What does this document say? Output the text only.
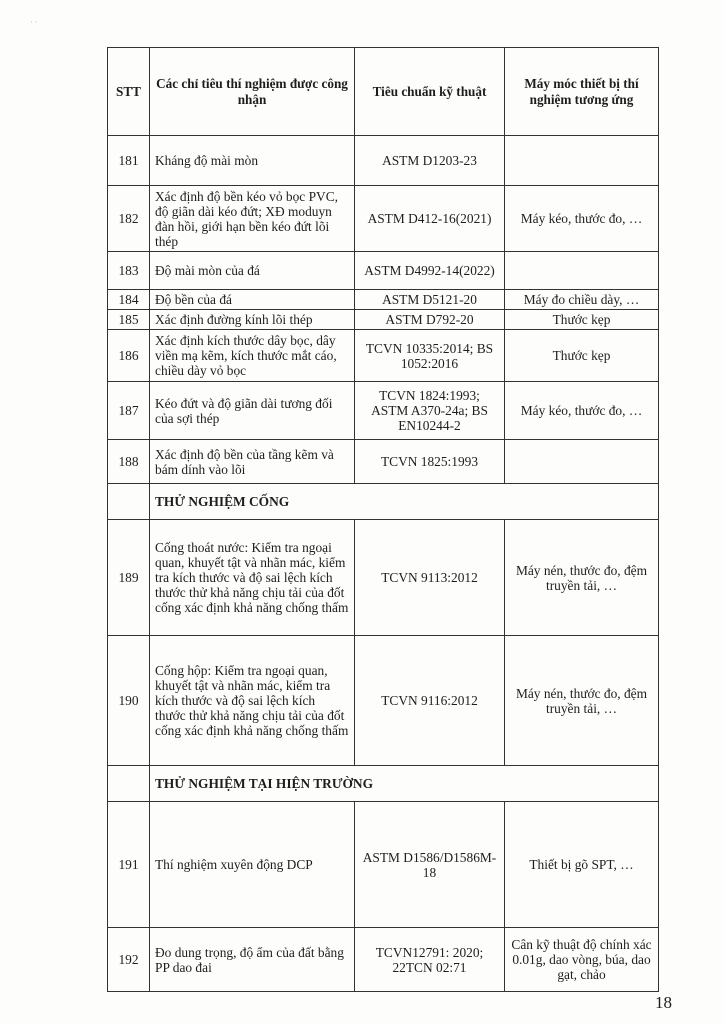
· ·
STT	Các chỉ tiêu thí nghiệm được công nhận	Tiêu chuẩn kỹ thuật	Máy móc thiết bị thí nghiệm tương ứng
181	Kháng độ mài mòn	ASTM D1203-23	
182	Xác định độ bền kéo vỏ bọc PVC, độ giãn dài kéo đứt; XĐ moduyn đàn hồi, giới hạn bền kéo đứt lõi thép	ASTM D412-16(2021)	Máy kéo, thước đo, …
183	Độ mài mòn của đá	ASTM D4992-14(2022)	
184	Độ bền của đá	ASTM D5121-20	Máy đo chiều dày, …
185	Xác định đường kính lõi thép	ASTM D792-20	Thước kẹp
186	Xác định kích thước dây bọc, dây viền mạ kẽm, kích thước mắt cáo, chiều dày vỏ bọc	TCVN 10335:2014; BS 1052:2016	Thước kẹp
187	Kéo đứt và độ giãn dài tương đối của sợi thép	TCVN 1824:1993; ASTM A370-24a; BS EN10244-2	Máy kéo, thước đo, …
188	Xác định độ bền của tầng kẽm và bám dính vào lõi	TCVN 1825:1993	
	THỬ NGHIỆM CỐNG		
189	Cống thoát nước: Kiểm tra ngoại quan, khuyết tật và nhãn mác, kiểm tra kích thước và độ sai lệch kích thước thử khả năng chịu tải của đốt cống xác định khả năng chống thấm	TCVN 9113:2012	Máy nén, thước đo, đệm truyền tải, …
190	Cống hộp: Kiểm tra ngoại quan, khuyết tật và nhãn mác, kiểm tra kích thước và độ sai lệch kích thước thử khả năng chịu tải của đốt cống xác định khả năng chống thấm	TCVN 9116:2012	Máy nén, thước đo, đệm truyền tải, …
	THỬ NGHIỆM TẠI HIỆN TRƯỜNG		
191	Thí nghiệm xuyên động DCP	ASTM D1586/D1586M-18	Thiết bị gõ SPT, …
192	Đo dung trọng, độ ẩm của đất bằng PP dao đai	TCVN12791: 2020; 22TCN 02:71	Cân kỹ thuật độ chính xác 0.01g, dao vòng, búa, dao gạt, chảo
18
